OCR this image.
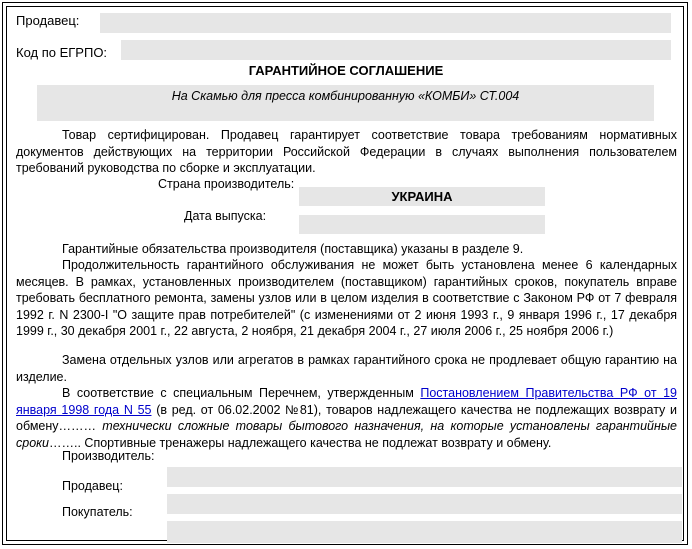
Продавец:
Код по ЕГРПО:
ГАРАНТИЙНОЕ СОГЛАШЕНИЕ
На Скамью для пресса комбинированную «КОМБИ» СТ.004
Товар сертифицирован. Продавец гарантирует соответствие товара требованиям нормативных документов действующих на территории Российской Федерации в случаях выполнения пользователем требований руководства по сборке и эксплуатации.
Страна производитель:
УКРАИНА
Дата выпуска:
Гарантийные обязательства производителя (поставщика) указаны в разделе 9.
Продолжительность гарантийного обслуживания не может быть установлена менее 6 календарных месяцев. В рамках, установленных производителем (поставщиком) гарантийных сроков, покупатель вправе требовать бесплатного ремонта, замены узлов или в целом изделия в соответствие с Законом РФ от 7 февраля 1992 г. N 2300-I "О защите прав потребителей" (с изменениями от 2 июня 1993 г., 9 января 1996 г., 17 декабря 1999 г., 30 декабря 2001 г., 22 августа, 2 ноября, 21 декабря 2004 г., 27 июля 2006 г., 25 ноября 2006 г.)
Замена отдельных узлов или агрегатов в рамках гарантийного срока не продлевает общую гарантию на изделие.
В соответствие с специальным Перечнем, утвержденным Постановлением Правительства РФ от 19 января 1998 года N 55 (в ред. от 06.02.2002 №81), товаров надлежащего качества не подлежащих возврату и обмену……… технически сложные товары бытового назначения, на которые установлены гарантийные сроки…….. Спортивные тренажеры надлежащего качества не подлежат возврату и обмену.
Производитель:
Продавец:
Покупатель:
